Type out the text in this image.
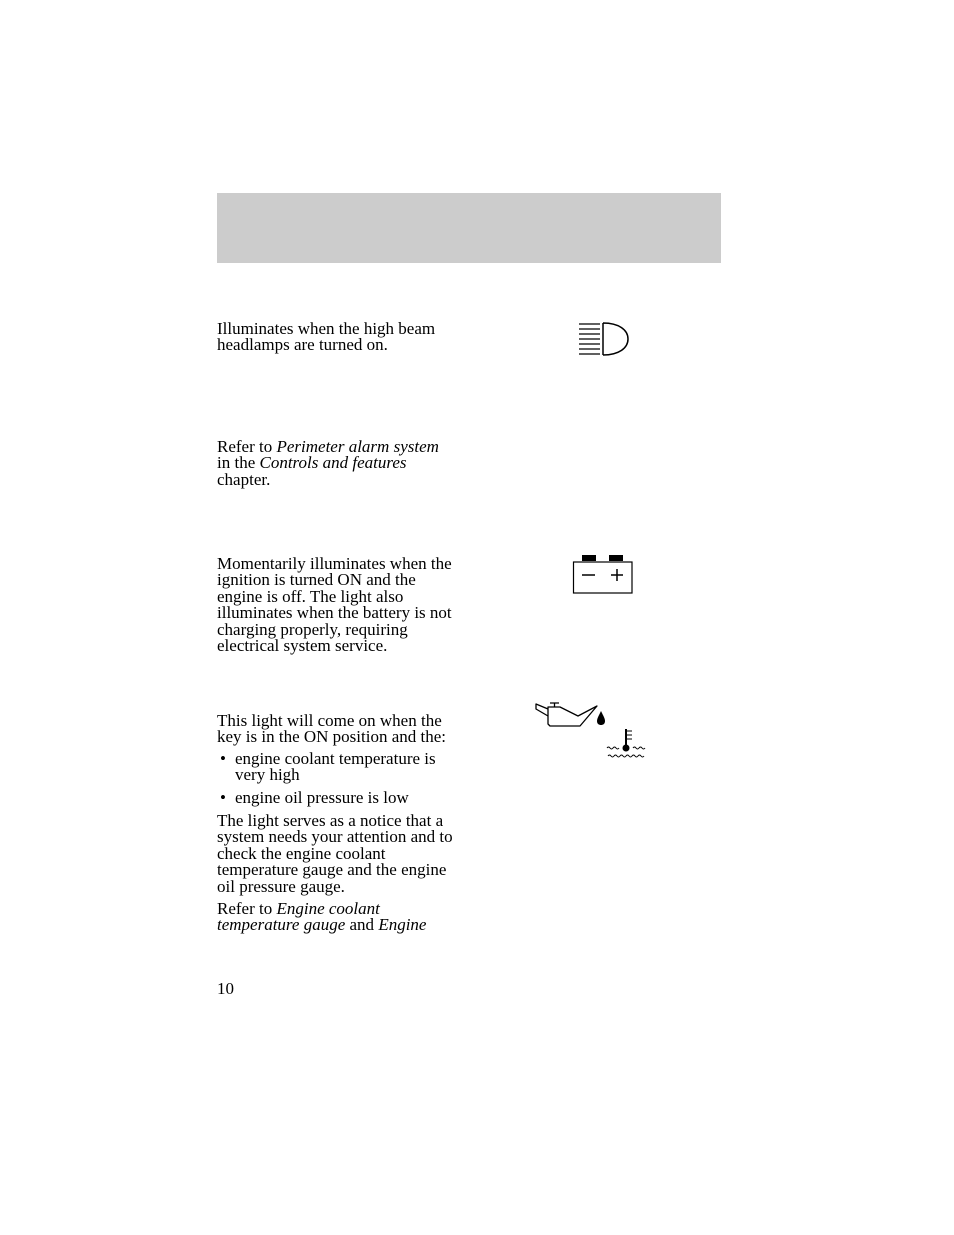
Illuminates when the high beam
headlamps are turned on.
Refer to Perimeter alarm system
in the Controls and features
chapter.
Momentarily illuminates when the
ignition is turned ON and the
engine is off. The light also
illuminates when the battery is not
charging properly, requiring
electrical system service.
This light will come on when the
key is in the ON position and the:
• engine coolant temperature is
very high
• engine oil pressure is low
The light serves as a notice that a
system needs your attention and to
check the engine coolant
temperature gauge and the engine
oil pressure gauge.
Refer to Engine coolant
temperature gauge and Engine
10
